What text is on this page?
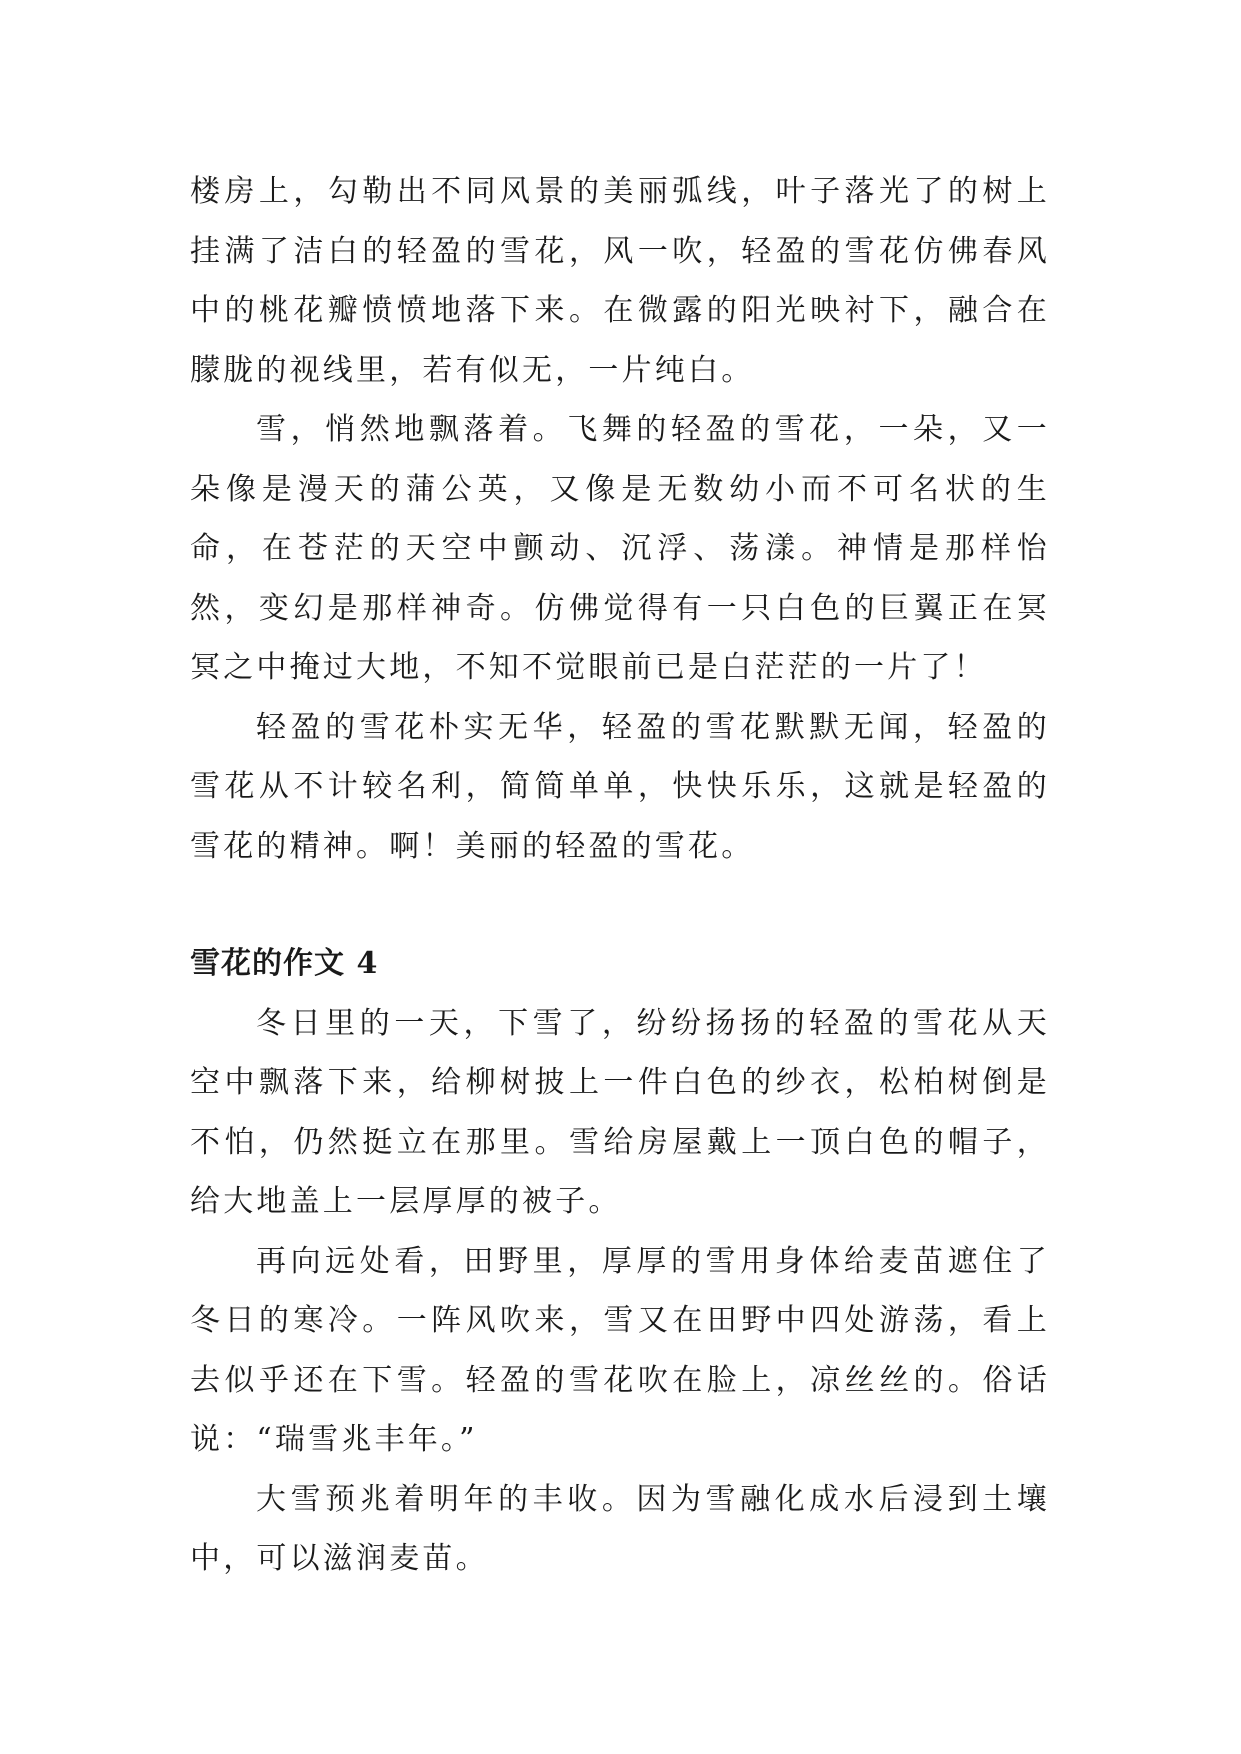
楼房上，勾勒出不同风景的美丽弧线，叶子落光了的树上挂满了洁白的轻盈的雪花，风一吹，轻盈的雪花仿佛春风中的桃花瓣愤愤地落下来。在微露的阳光映衬下，融合在朦胧的视线里，若有似无，一片纯白。

雪，悄然地飘落着。飞舞的轻盈的雪花，一朵，又一朵像是漫天的蒲公英，又像是无数幼小而不可名状的生命，在苍茫的天空中颤动、沉浮、荡漾。神情是那样怡然，变幻是那样神奇。仿佛觉得有一只白色的巨翼正在冥冥之中掩过大地，不知不觉眼前已是白茫茫的一片了！

轻盈的雪花朴实无华，轻盈的雪花默默无闻，轻盈的雪花从不计较名利，简简单单，快快乐乐，这就是轻盈的雪花的精神。啊！美丽的轻盈的雪花。

雪花的作文 4

冬日里的一天，下雪了，纷纷扬扬的轻盈的雪花从天空中飘落下来，给柳树披上一件白色的纱衣，松柏树倒是不怕，仍然挺立在那里。雪给房屋戴上一顶白色的帽子，给大地盖上一层厚厚的被子。

再向远处看，田野里，厚厚的雪用身体给麦苗遮住了冬日的寒冷。一阵风吹来，雪又在田野中四处游荡，看上去似乎还在下雪。轻盈的雪花吹在脸上，凉丝丝的。俗话说：“瑞雪兆丰年。”

大雪预兆着明年的丰收。因为雪融化成水后浸到土壤中，可以滋润麦苗。
